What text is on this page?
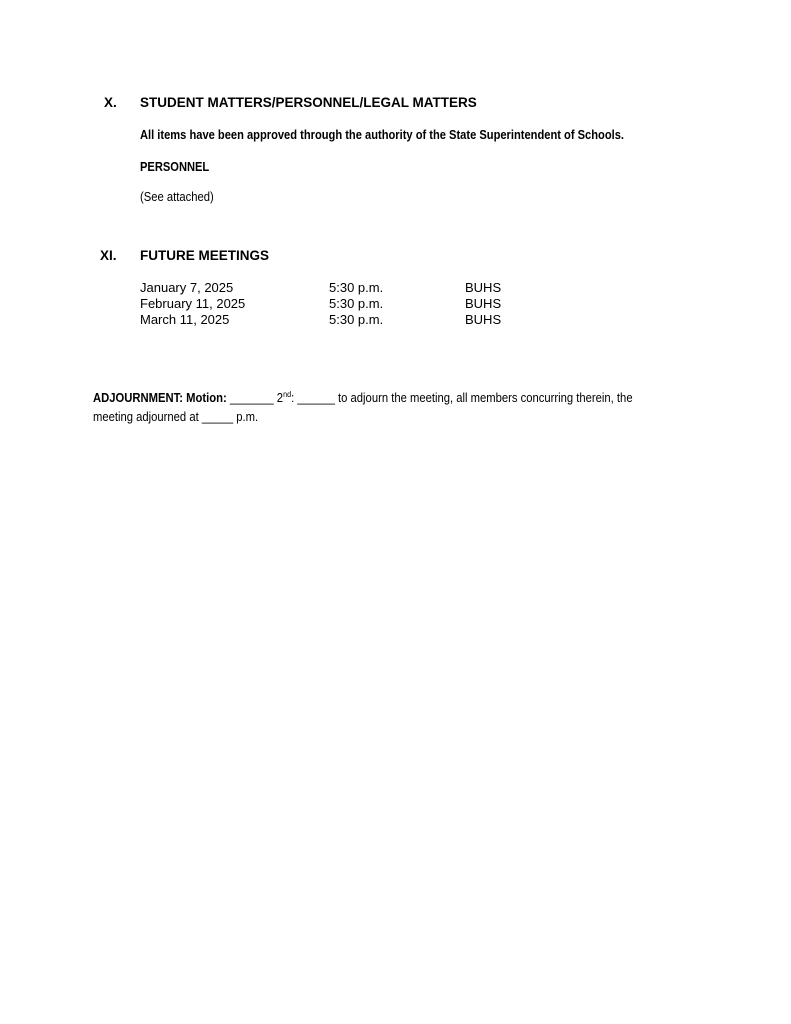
X. STUDENT MATTERS/PERSONNEL/LEGAL MATTERS
All items have been approved through the authority of the State Superintendent of Schools.
PERSONNEL
(See attached)
XI. FUTURE MEETINGS
January 7, 2025	5:30 p.m.	BUHS
February 11, 2025	5:30 p.m.	BUHS
March 11, 2025	5:30 p.m.	BUHS
ADJOURNMENT: Motion: _______ 2nd: ______ to adjourn the meeting, all members concurring therein, the meeting adjourned at _____ p.m.
